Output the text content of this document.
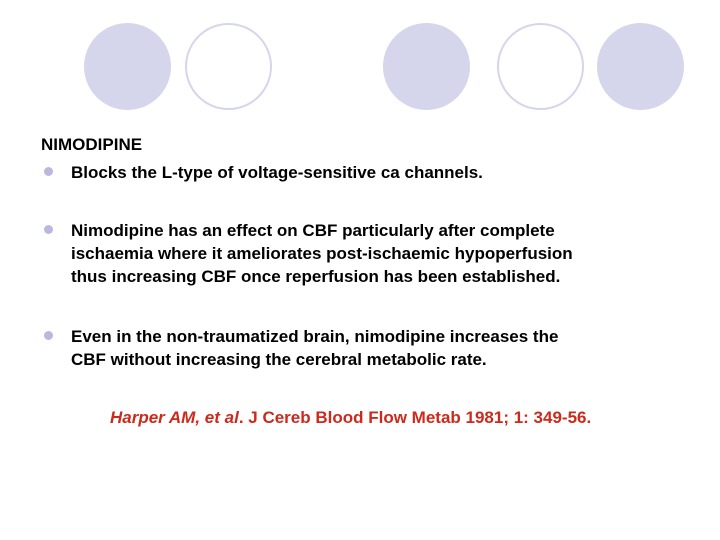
NIMODIPINE
Blocks the L-type of voltage-sensitive ca channels.
Nimodipine has an effect on CBF particularly after complete
ischaemia where it ameliorates post-ischaemic hypoperfusion
thus increasing CBF once reperfusion has been established.
Even in the non-traumatized brain, nimodipine increases the
CBF without increasing the cerebral metabolic rate.
Harper AM, et al. J Cereb Blood Flow Metab 1981; 1: 349-56.
